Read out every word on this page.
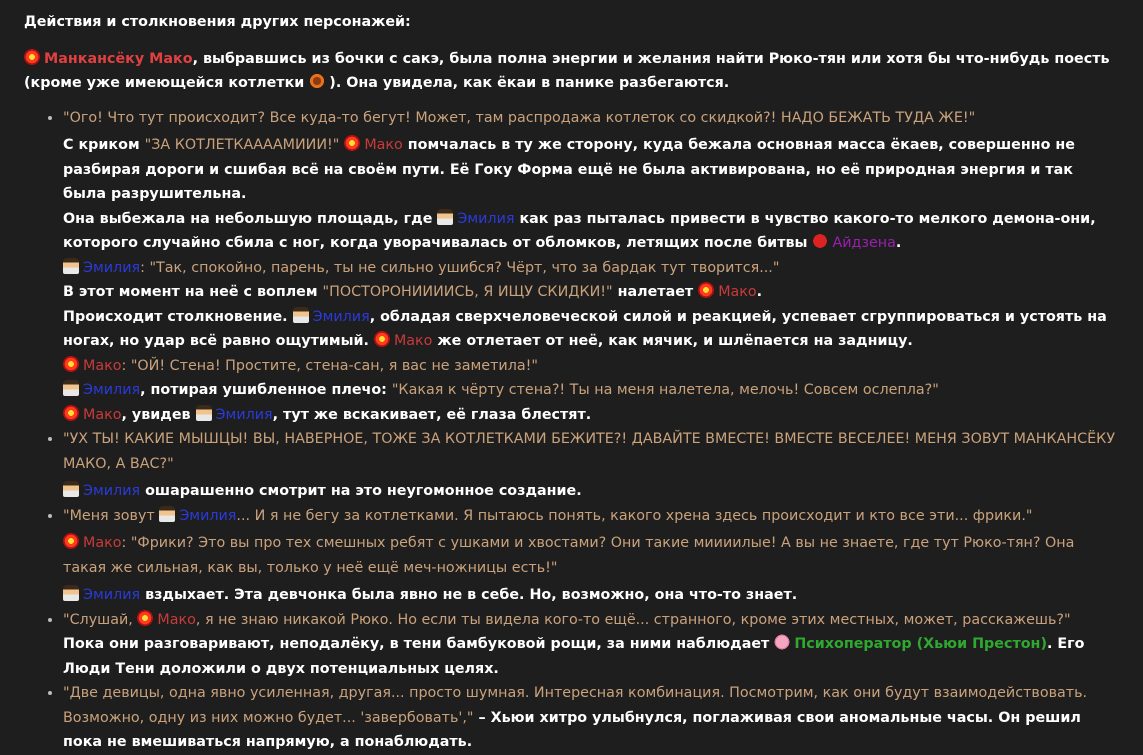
Действия и столкновения других персонажей:
Манкансёку Мако, выбравшись из бочки с сакэ, была полна энергии и желания найти Рюко-тян или хотя бы что-нибудь поесть (кроме уже имеющейся котлетки ). Она увидела, как ёкаи в панике разбегаются.
• "Ого! Что тут происходит? Все куда-то бегут! Может, там распродажа котлеток со скидкой?! НАДО БЕЖАТЬ ТУДА ЖЕ!"
С криком "ЗА КОТЛЕТКААААМИИИ!" Мако помчалась в ту же сторону, куда бежала основная масса ёкаев, совершенно не разбирая дороги и сшибая всё на своём пути. Её Гоку Форма ещё не была активирована, но её природная энергия и так была разрушительна.
Она выбежала на небольшую площадь, где Эмилия как раз пыталась привести в чувство какого-то мелкого демона-они, которого случайно сбила с ног, когда уворачивалась от обломков, летящих после битвы Айдзена.
Эмилия: "Так, спокойно, парень, ты не сильно ушибся? Чёрт, что за бардак тут творится..."
В этот момент на неё с воплем "ПОСТОРОНИИИИСЬ, Я ИЩУ СКИДКИ!" налетает Мако.
Происходит столкновение. Эмилия, обладая сверхчеловеческой силой и реакцией, успевает сгруппироваться и устоять на ногах, но удар всё равно ощутимый. Мако же отлетает от неё, как мячик, и шлёпается на задницу.
Мако: "ОЙ! Стена! Простите, стена-сан, я вас не заметила!"
Эмилия, потирая ушибленное плечо: "Какая к чёрту стена?! Ты на меня налетела, мелочь! Совсем ослепла?"
Мако, увидев Эмилия, тут же вскакивает, её глаза блестят.
• "УХ ТЫ! КАКИЕ МЫШЦЫ! ВЫ, НАВЕРНОЕ, ТОЖЕ ЗА КОТЛЕТКАМИ БЕЖИТЕ?! ДАВАЙТЕ ВМЕСТЕ! ВМЕСТЕ ВЕСЕЛЕЕ! МЕНЯ ЗОВУТ МАНКАНСЁКУ МАКО, А ВАС?"
Эмилия ошарашенно смотрит на это неугомонное создание.
• "Меня зовут Эмилия... И я не бегу за котлетками. Я пытаюсь понять, какого хрена здесь происходит и кто все эти... фрики."
Мако: "Фрики? Это вы про тех смешных ребят с ушками и хвостами? Они такие миииилые! А вы не знаете, где тут Рюко-тян? Она такая же сильная, как вы, только у неё ещё меч-ножницы есть!"
Эмилия вздыхает. Эта девчонка была явно не в себе. Но, возможно, она что-то знает.
• "Слушай, Мако, я не знаю никакой Рюко. Но если ты видела кого-то ещё... странного, кроме этих местных, может, расскажешь?"
Пока они разговаривают, неподалёку, в тени бамбуковой рощи, за ними наблюдает Психоператор (Хьюи Престон). Его Люди Тени доложили о двух потенциальных целях.
• "Две девицы, одна явно усиленная, другая... просто шумная. Интересная комбинация. Посмотрим, как они будут взаимодействовать. Возможно, одну из них можно будет... 'завербовать'," – Хьюи хитро улыбнулся, поглаживая свои аномальные часы. Он решил пока не вмешиваться напрямую, а понаблюдать.
